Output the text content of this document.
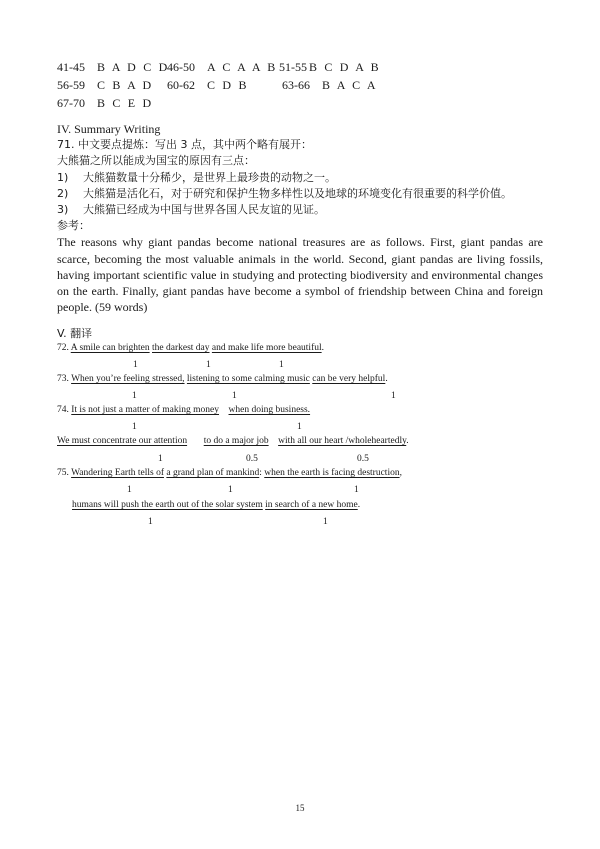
41-45 B A D C D
46-50 A C A A B 51-55 B C D A B
56-59 C B A D 60-62 C D B	63-66 B A C A
67-70 B C E D
IV. Summary Writing
71. 中文要点提炼：写出 3 点，其中两个略有展开：
大熊猫之所以能成为国宝的原因有三点：
1) 大熊猫数量十分稀少，是世界上最珍贵的动物之一。
2) 大熊猫是活化石，对于研究和保护生物多样性以及地球的环境变化有很重要的科学价值。
3) 大熊猫已经成为中国与世界各国人民友谊的见证。
参考：
The reasons why giant pandas become national treasures are as follows. First, giant pandas are scarce, becoming the most valuable animals in the world. Second, giant pandas are living fossils, having important scientific value in studying and protecting biodiversity and environmental changes on the earth. Finally, giant pandas have become a symbol of friendship between China and foreign people. (59 words)
V. 翻译
72. A smile can brighten the darkest day and make life more beautiful.
1	1	1
73. When you’re feeling stressed, listening to some calming music can be very helpful.
1	1	1
74. It is not just a matter of making money when doing business.
1	1
We must concentrate our attention to do a major job with all our heart /wholeheartedly.
1	0.5	0.5
75. Wandering Earth tells of a grand plan of mankind: when the earth is facing destruction,
1	1	1
humans will push the earth out of the solar system in search of a new home.
1	1
15
